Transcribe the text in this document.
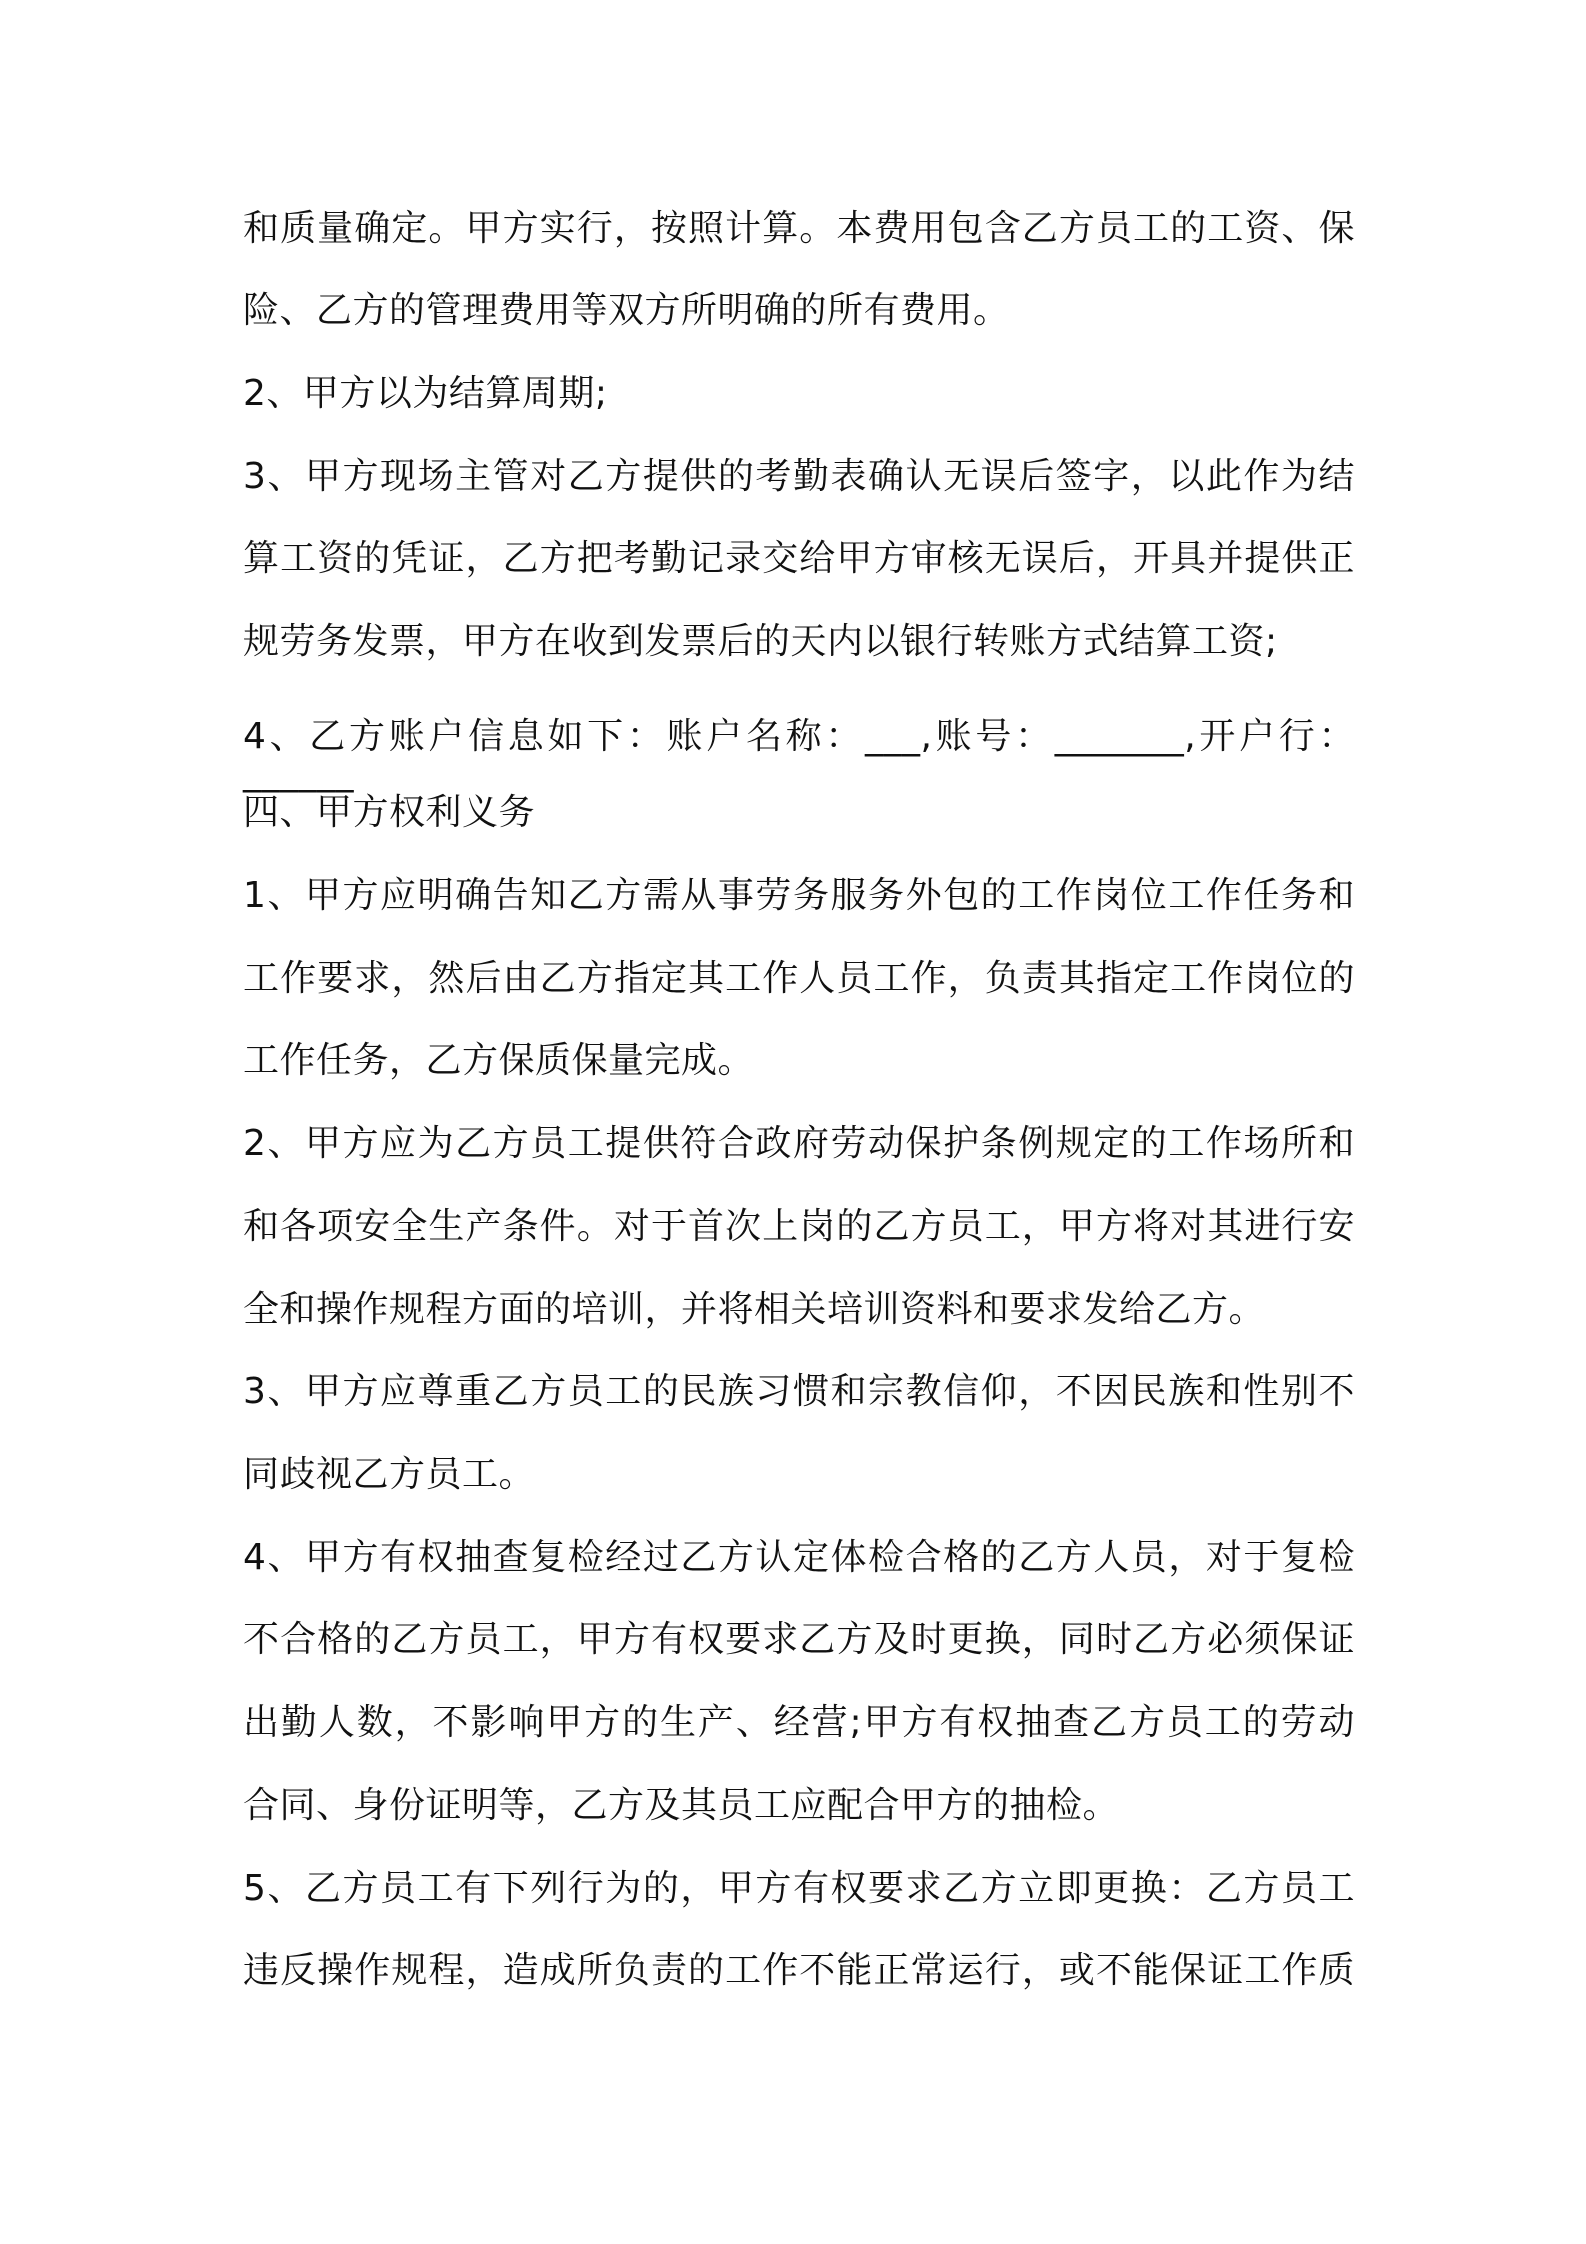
和质量确定。甲方实行，按照计算。本费用包含乙方员工的工资、保
险、乙方的管理费用等双方所明确的所有费用。
2、甲方以为结算周期;
3、甲方现场主管对乙方提供的考勤表确认无误后签字，以此作为结
算工资的凭证，乙方把考勤记录交给甲方审核无误后，开具并提供正
规劳务发票，甲方在收到发票后的天内以银行转账方式结算工资;
4、乙方账户信息如下：账户名称：___,账号：_______,开户行：______
四、甲方权利义务
1、甲方应明确告知乙方需从事劳务服务外包的工作岗位工作任务和
工作要求，然后由乙方指定其工作人员工作，负责其指定工作岗位的
工作任务，乙方保质保量完成。
2、甲方应为乙方员工提供符合政府劳动保护条例规定的工作场所和
和各项安全生产条件。对于首次上岗的乙方员工，甲方将对其进行安
全和操作规程方面的培训，并将相关培训资料和要求发给乙方。
3、甲方应尊重乙方员工的民族习惯和宗教信仰，不因民族和性别不
同歧视乙方员工。
4、甲方有权抽查复检经过乙方认定体检合格的乙方人员，对于复检
不合格的乙方员工，甲方有权要求乙方及时更换，同时乙方必须保证
出勤人数，不影响甲方的生产、经营;甲方有权抽查乙方员工的劳动
合同、身份证明等，乙方及其员工应配合甲方的抽检。
5、乙方员工有下列行为的，甲方有权要求乙方立即更换：乙方员工
违反操作规程，造成所负责的工作不能正常运行，或不能保证工作质
